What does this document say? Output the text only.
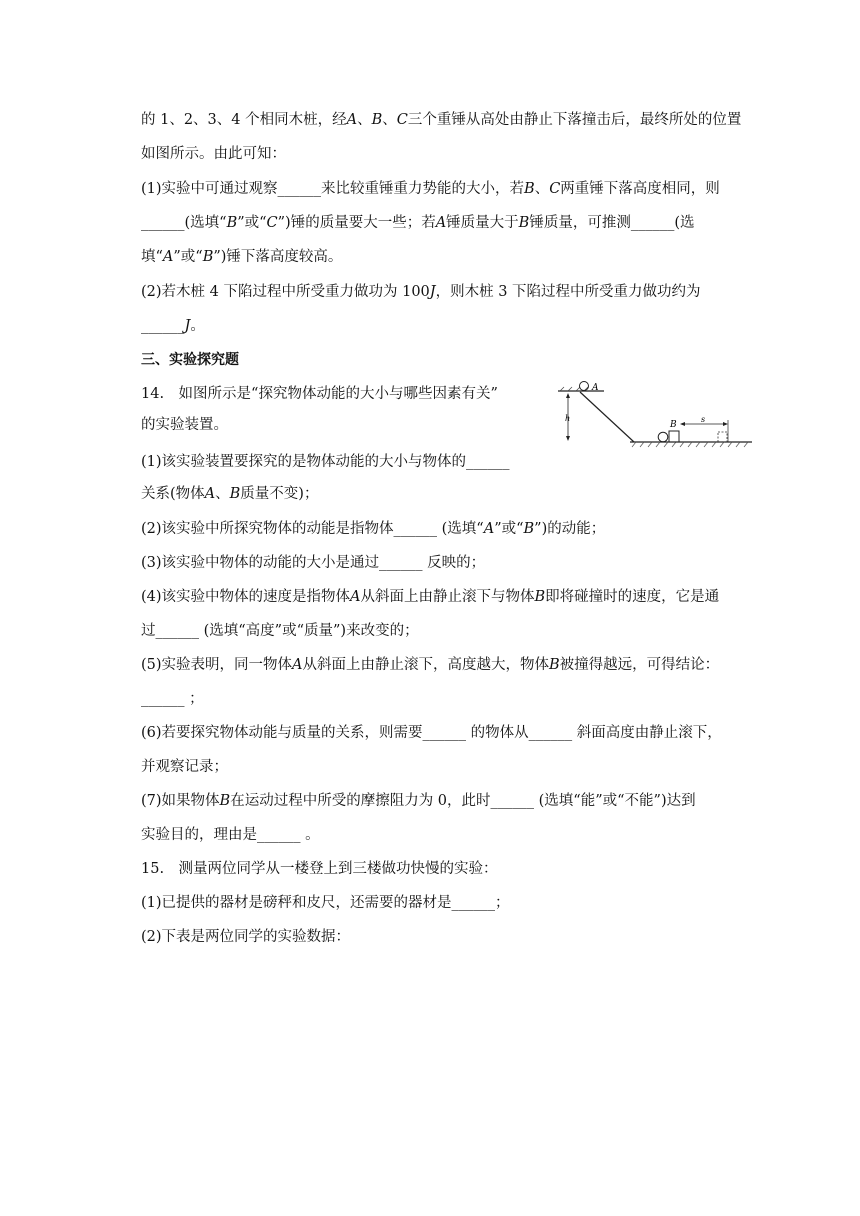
的 1、2、3、4 个相同木桩，经𝐴、𝐵、𝐶三个重锤从高处由静止下落撞击后，最终所处的位置
如图所示。由此可知：
(1)实验中可通过观察______来比较重锤重力势能的大小，若𝐵、𝐶两重锤下落高度相同，则
______(选填“𝐵”或“𝐶”)锤的质量要大一些；若𝐴锤质量大于𝐵锤质量，可推测______(选
填“𝐴”或“𝐵”)锤下落高度较高。
(2)若木桩 4 下陷过程中所受重力做功为 100𝐽，则木桩 3 下陷过程中所受重力做功约为
______𝐽。
三、实验探究题
14.　如图所示是“探究物体动能的大小与哪些因素有关”
的实验装置。
(1)该实验装置要探究的是物体动能的大小与物体的______
关系(物体𝐴、𝐵质量不变)；
(2)该实验中所探究物体的动能是指物体______ (选填“𝐴”或“𝐵”)的动能；
(3)该实验中物体的动能的大小是通过______ 反映的；
(4)该实验中物体的速度是指物体𝐴从斜面上由静止滚下与物体𝐵即将碰撞时的速度，它是通
过______ (选填“高度”或“质量”)来改变的；
(5)实验表明，同一物体𝐴从斜面上由静止滚下，高度越大，物体𝐵被撞得越远，可得结论：
______ ；
(6)若要探究物体动能与质量的关系，则需要______ 的物体从______ 斜面高度由静止滚下，
并观察记录；
(7)如果物体𝐵在运动过程中所受的摩擦阻力为 0，此时______ (选填“能”或“不能”)达到
实验目的，理由是______ 。
15.　测量两位同学从一楼登上到三楼做功快慢的实验：
(1)已提供的器材是磅秤和皮尺，还需要的器材是______；
(2)下表是两位同学的实验数据：
A
h
B
s
